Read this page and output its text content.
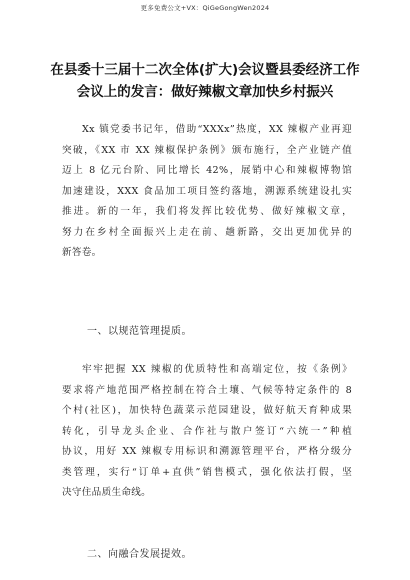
更多免费公文+VX：QiGeGongWen2024
在县委十三届十二次全体(扩大)会议暨县委经济工作
会议上的发言：做好辣椒文章加快乡村振兴
Xx 镇党委书记年，借助“XXXx”热度，XX 辣椒产业再迎
突破，《XX 市 XX 辣椒保护条例》颁布施行，全产业链产值
迈上 8 亿元台阶、同比增长 42%，展销中心和辣椒博物馆
加速建设，XXX 食品加工项目签约落地，溯源系统建设扎实
推进。新的一年，我们将发挥比较优势、做好辣椒文章，
努力在乡村全面振兴上走在前、趟新路，交出更加优异的
新答卷。
一、以规范管理提质。
牢牢把握 XX 辣椒的优质特性和高端定位，按《条例》
要求将产地范围严格控制在符合土壤、气候等特定条件的 8
个村(社区)，加快特色蔬菜示范园建设，做好航天育种成果
转化，引导龙头企业、合作社与散户签订“六统一”种植
协议，用好 XX 辣椒专用标识和溯源管理平台，严格分级分
类管理，实行“订单+直供”销售模式，强化依法打假，坚
决守住品质生命线。
二、向融合发展提效。
